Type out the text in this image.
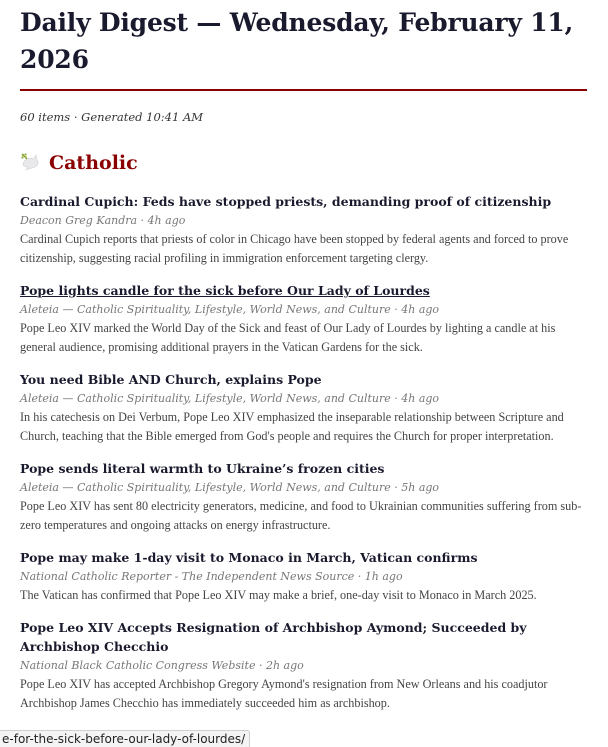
Daily Digest — Wednesday, February 11, 2026
60 items · Generated 10:41 AM
Catholic
Cardinal Cupich: Feds have stopped priests, demanding proof of citizenship
Deacon Greg Kandra · 4h ago
Cardinal Cupich reports that priests of color in Chicago have been stopped by federal agents and forced to prove citizenship, suggesting racial profiling in immigration enforcement targeting clergy.
Pope lights candle for the sick before Our Lady of Lourdes
Aleteia — Catholic Spirituality, Lifestyle, World News, and Culture · 4h ago
Pope Leo XIV marked the World Day of the Sick and feast of Our Lady of Lourdes by lighting a candle at his general audience, promising additional prayers in the Vatican Gardens for the sick.
You need Bible AND Church, explains Pope
Aleteia — Catholic Spirituality, Lifestyle, World News, and Culture · 4h ago
In his catechesis on Dei Verbum, Pope Leo XIV emphasized the inseparable relationship between Scripture and Church, teaching that the Bible emerged from God's people and requires the Church for proper interpretation.
Pope sends literal warmth to Ukraine’s frozen cities
Aleteia — Catholic Spirituality, Lifestyle, World News, and Culture · 5h ago
Pope Leo XIV has sent 80 electricity generators, medicine, and food to Ukrainian communities suffering from sub-zero temperatures and ongoing attacks on energy infrastructure.
Pope may make 1-day visit to Monaco in March, Vatican confirms
National Catholic Reporter - The Independent News Source · 1h ago
The Vatican has confirmed that Pope Leo XIV may make a brief, one-day visit to Monaco in March 2025.
Pope Leo XIV Accepts Resignation of Archbishop Aymond; Succeeded by Archbishop Checchio
National Black Catholic Congress Website · 2h ago
Pope Leo XIV has accepted Archbishop Gregory Aymond's resignation from New Orleans and his coadjutor Archbishop James Checchio has immediately succeeded him as archbishop.
e-for-the-sick-before-our-lady-of-lourdes/
